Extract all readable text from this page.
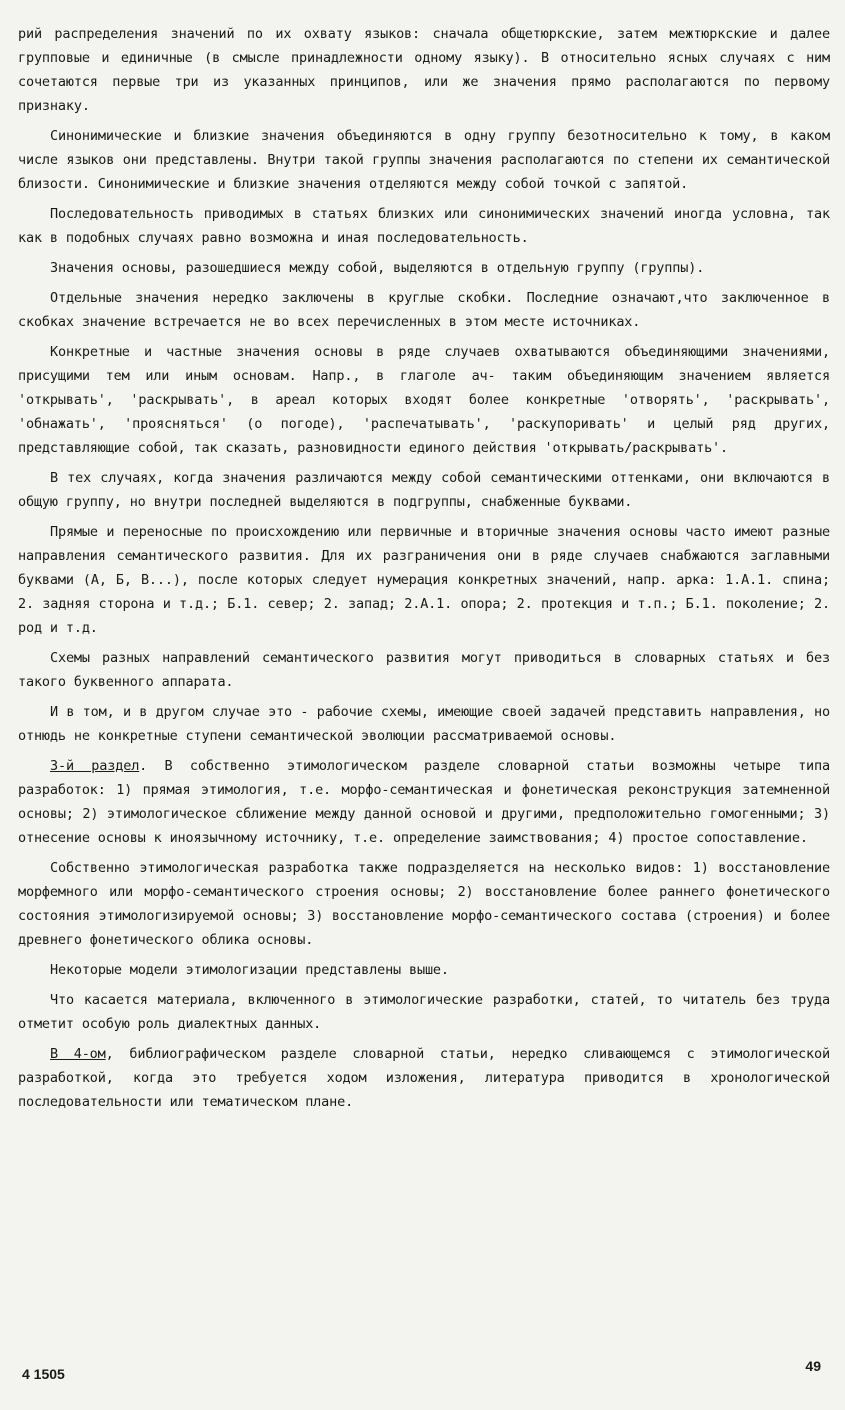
рий распределения значений по их охвату языков: сначала общетюркские, затем межтюркские и далее групповые и единичные (в смысле принадлежности одному языку). В относительно ясных случаях с ним сочетаются первые три из указанных принципов, или же значения прямо располагаются по первому признаку.

Синонимические и близкие значения объединяются в одну группу безотносительно к тому, в каком числе языков они представлены. Внутри такой группы значения располагаются по степени их семантической близости. Синонимические и близкие значения отделяются между собой точкой с запятой.

Последовательность приводимых в статьях близких или синонимических значений иногда условна, так как в подобных случаях равно возможна и иная последовательность.

Значения основы, разошедшиеся между собой, выделяются в отдельную группу (группы).

Отдельные значения нередко заключены в круглые скобки. Последние означают,что заключенное в скобках значение встречается не во всех перечисленных в этом месте источниках.

Конкретные и частные значения основы в ряде случаев охватываются объединяющими значениями, присущими тем или иным основам. Напр., в глаголе ач- таким объединяющим значением является 'открывать', 'раскрывать', в ареал которых входят более конкретные 'отворять', 'раскрывать', 'обнажать', 'проясняться' (о погоде), 'распечатывать', 'раскупоривать' и целый ряд других, представляющие собой, так сказать, разновидности единого действия 'открывать/раскрывать'.

В тех случаях, когда значения различаются между собой семантическими оттенками, они включаются в общую группу, но внутри последней выделяются в подгруппы, снабженные буквами.

Прямые и переносные по происхождению или первичные и вторичные значения основы часто имеют разные направления семантического развития. Для их разграничения они в ряде случаев снабжаются заглавными буквами (А, Б, В...), после которых следует нумерация конкретных значений, напр. арка: 1.А.1. спина; 2. задняя сторона и т.д.; Б.1. север; 2. запад; 2.А.1. опора; 2. протекция и т.п.; Б.1. поколение; 2. род и т.д.

Схемы разных направлений семантического развития могут приводиться в словарных статьях и без такого буквенного аппарата.

И в том, и в другом случае это - рабочие схемы, имеющие своей задачей представить направления, но отнюдь не конкретные ступени семантической эволюции рассматриваемой основы.

3-й раздел. В собственно этимологическом разделе словарной статьи возможны четыре типа разработок: 1) прямая этимология, т.е. морфо-семантическая и фонетическая реконструкция затемненной основы; 2) этимологическое сближение между данной основой и другими, предположительно гомогенными; 3) отнесение основы к иноязычному источнику, т.е. определение заимствования; 4) простое сопоставление.

Собственно этимологическая разработка также подразделяется на несколько видов: 1) восстановление морфемного или морфо-семантического строения основы; 2) восстановление более раннего фонетического состояния этимологизируемой основы; 3) восстановление морфо-семантического состава (строения) и более древнего фонетического облика основы.

Некоторые модели этимологизации представлены выше.

Что касается материала, включенного в этимологические разработки, статей, то читатель без труда отметит особую роль диалектных данных.

В 4-ом, библиографическом разделе словарной статьи, нередко сливающемся с этимологической разработкой, когда это требуется ходом изложения, литература приводится в хронологической последовательности или тематическом плане.

4 1505	49
